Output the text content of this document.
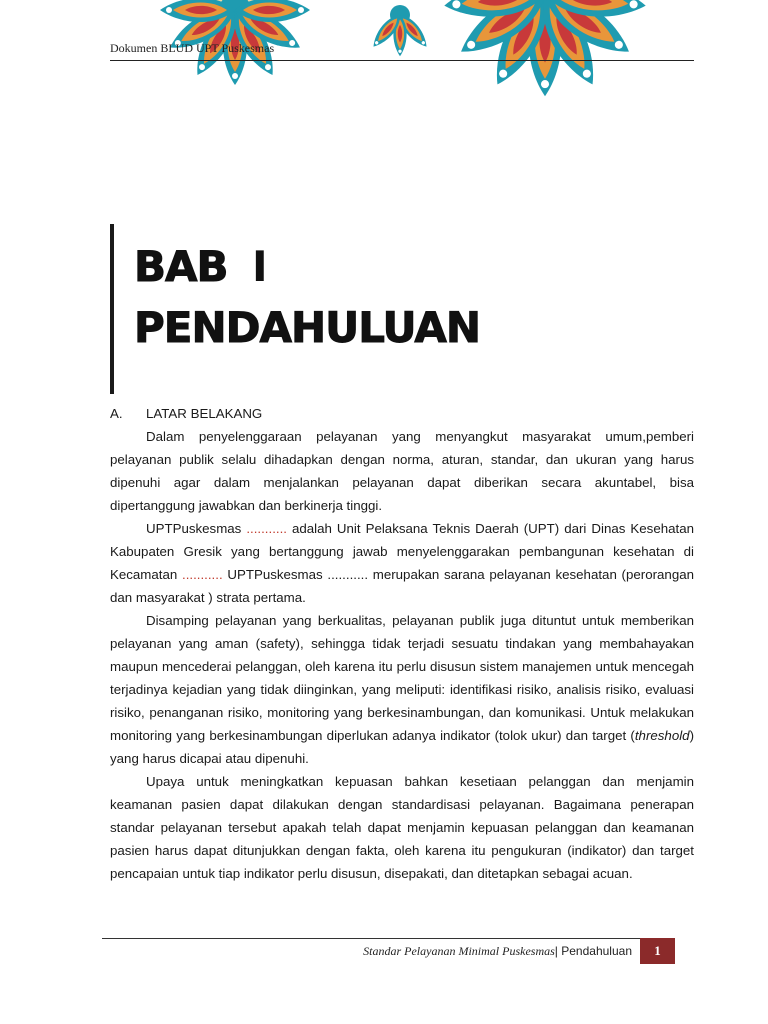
Dokumen BLUD UPT Puskesmas
BAB I
PENDAHULUAN
A.	LATAR BELAKANG

Dalam penyelenggaraan pelayanan yang menyangkut masyarakat umum,pemberi pelayanan publik selalu dihadapkan dengan norma, aturan, standar, dan ukuran yang harus dipenuhi agar dalam menjalankan pelayanan dapat diberikan secara akuntabel, bisa dipertanggung jawabkan dan berkinerja tinggi.

UPTPuskesmas ........... adalah Unit Pelaksana Teknis Daerah (UPT) dari Dinas Kesehatan Kabupaten Gresik yang bertanggung jawab menyelenggarakan pembangunan kesehatan di Kecamatan ........... UPTPuskesmas ........... merupakan sarana pelayanan kesehatan (perorangan dan masyarakat ) strata pertama.

Disamping pelayanan yang berkualitas, pelayanan publik juga dituntut untuk memberikan pelayanan yang aman (safety), sehingga tidak terjadi sesuatu tindakan yang membahayakan maupun mencederai pelanggan, oleh karena itu perlu disusun sistem manajemen untuk mencegah terjadinya kejadian yang tidak diinginkan, yang meliputi: identifikasi risiko, analisis risiko, evaluasi risiko, penanganan risiko, monitoring yang berkesinambungan, dan komunikasi. Untuk melakukan monitoring yang berkesinambungan diperlukan adanya indikator (tolok ukur) dan target (threshold) yang harus dicapai atau dipenuhi.

Upaya untuk meningkatkan kepuasan bahkan kesetiaan pelanggan dan menjamin keamanan pasien dapat dilakukan dengan standardisasi pelayanan. Bagaimana penerapan standar pelayanan tersebut apakah telah dapat menjamin kepuasan pelanggan dan keamanan pasien harus dapat ditunjukkan dengan fakta, oleh karena itu pengukuran (indikator) dan target pencapaian untuk tiap indikator perlu disusun, disepakati, dan ditetapkan sebagai acuan.

Standar Pelayanan Minimal Puskesmas| Pendahuluan	1
